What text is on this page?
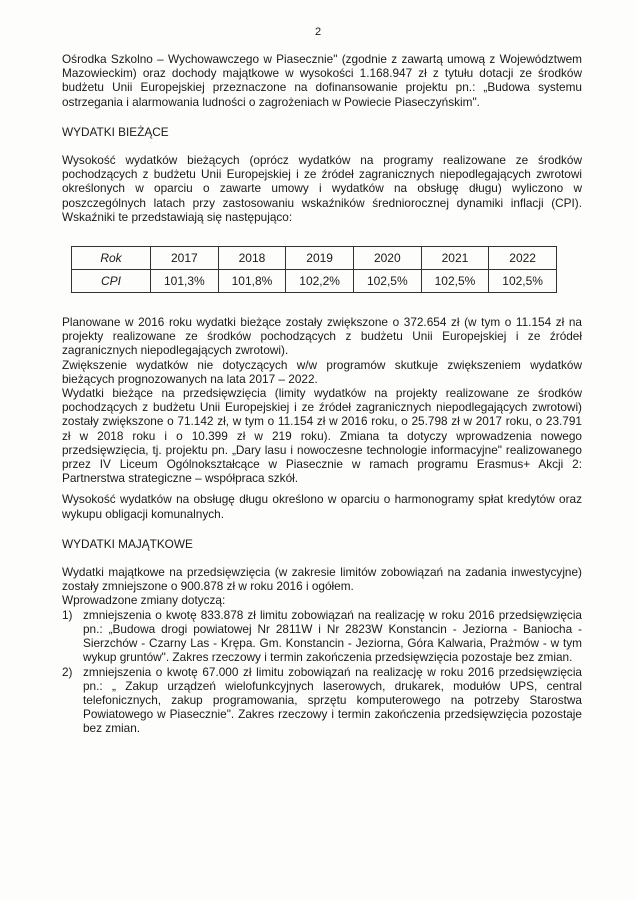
2

Ośrodka Szkolno – Wychowawczego w Piasecznie" (zgodnie z zawartą umową z Województwem Mazowieckim) oraz dochody majątkowe w wysokości 1.168.947 zł z tytułu dotacji ze środków budżetu Unii Europejskiej przeznaczone na dofinansowanie projektu pn.: „Budowa systemu ostrzegania i alarmowania ludności o zagrożeniach w Powiecie Piaseczyńskim".

WYDATKI BIEŻĄCE

Wysokość wydatków bieżących (oprócz wydatków na programy realizowane ze środków pochodzących z budżetu Unii Europejskiej i ze źródeł zagranicznych niepodlegających zwrotowi określonych w oparciu o zawarte umowy i wydatków na obsługę długu) wyliczono w poszczególnych latach przy zastosowaniu wskaźników średniorocznej dynamiki inflacji (CPI). Wskaźniki te przedstawiają się następująco:

Rok	2017	2018	2019	2020	2021	2022
CPI	101,3%	101,8%	102,2%	102,5%	102,5%	102,5%

Planowane w 2016 roku wydatki bieżące zostały zwiększone o 372.654 zł (w tym o 11.154 zł na projekty realizowane ze środków pochodzących z budżetu Unii Europejskiej i ze źródeł zagranicznych niepodlegających zwrotowi).

Zwiększenie wydatków nie dotyczących w/w programów skutkuje zwiększeniem wydatków bieżących prognozowanych na lata 2017 – 2022.

Wydatki bieżące na przedsięwzięcia (limity wydatków na projekty realizowane ze środków pochodzących z budżetu Unii Europejskiej i ze źródeł zagranicznych niepodlegających zwrotowi) zostały zwiększone o 71.142 zł, w tym o 11.154 zł w 2016 roku, o 25.798 zł w 2017 roku, o 23.791 zł w 2018 roku i o 10.399 zł w 219 roku). Zmiana ta dotyczy wprowadzenia nowego przedsięwzięcia, tj. projektu pn. „Dary lasu i nowoczesne technologie informacyjne" realizowanego przez IV Liceum Ogólnokształcące w Piasecznie w ramach programu Erasmus+ Akcji 2: Partnerstwa strategiczne – współpraca szkół.

Wysokość wydatków na obsługę długu określono w oparciu o harmonogramy spłat kredytów oraz wykupu obligacji komunalnych.

WYDATKI MAJĄTKOWE

Wydatki majątkowe na przedsięwzięcia (w zakresie limitów zobowiązań na zadania inwestycyjne) zostały zmniejszone o 900.878 zł w roku 2016 i ogółem.

Wprowadzone zmiany dotyczą:

1) zmniejszenia o kwotę 833.878 zł limitu zobowiązań na realizację w roku 2016 przedsięwzięcia pn.: „Budowa drogi powiatowej Nr 2811W i Nr 2823W Konstancin - Jeziorna - Baniocha - Sierzchów - Czarny Las - Krępa. Gm. Konstancin - Jeziorna, Góra Kalwaria, Prażmów - w tym wykup gruntów". Zakres rzeczowy i termin zakończenia przedsięwzięcia pozostaje bez zmian.
2) zmniejszenia o kwotę 67.000 zł limitu zobowiązań na realizację w roku 2016 przedsięwzięcia pn.: „ Zakup urządzeń wielofunkcyjnych laserowych, drukarek, modułów UPS, central telefonicznych, zakup programowania, sprzętu komputerowego na potrzeby Starostwa Powiatowego w Piasecznie". Zakres rzeczowy i termin zakończenia przedsięwzięcia pozostaje bez zmian.
